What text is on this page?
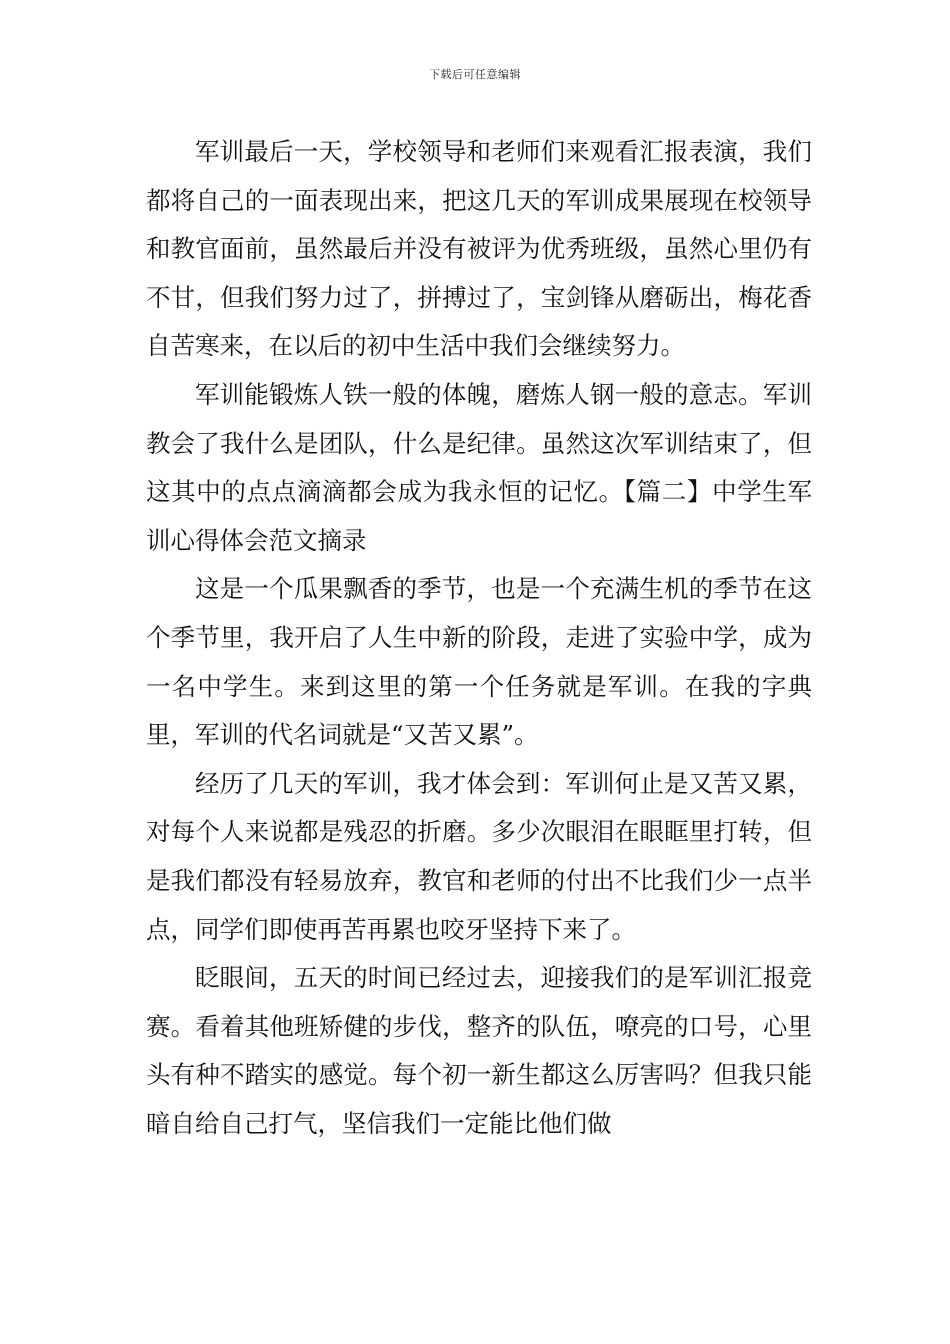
下载后可任意编辑

军训最后一天，学校领导和老师们来观看汇报表演，我们都将自己的一面表现出来，把这几天的军训成果展现在校领导和教官面前，虽然最后并没有被评为优秀班级，虽然心里仍有不甘，但我们努力过了，拼搏过了，宝剑锋从磨砺出，梅花香自苦寒来，在以后的初中生活中我们会继续努力。

军训能锻炼人铁一般的体魄，磨炼人钢一般的意志。军训教会了我什么是团队，什么是纪律。虽然这次军训结束了，但这其中的点点滴滴都会成为我永恒的记忆。【篇二】中学生军训心得体会范文摘录

这是一个瓜果飘香的季节，也是一个充满生机的季节在这个季节里，我开启了人生中新的阶段，走进了实验中学，成为一名中学生。来到这里的第一个任务就是军训。在我的字典里，军训的代名词就是“又苦又累”。

经历了几天的军训，我才体会到：军训何止是又苦又累，对每个人来说都是残忍的折磨。多少次眼泪在眼眶里打转，但是我们都没有轻易放弃，教官和老师的付出不比我们少一点半点，同学们即使再苦再累也咬牙坚持下来了。

眨眼间，五天的时间已经过去，迎接我们的是军训汇报竞赛。看着其他班矫健的步伐，整齐的队伍，嘹亮的口号，心里头有种不踏实的感觉。每个初一新生都这么厉害吗？但我只能暗自给自己打气，坚信我们一定能比他们做
